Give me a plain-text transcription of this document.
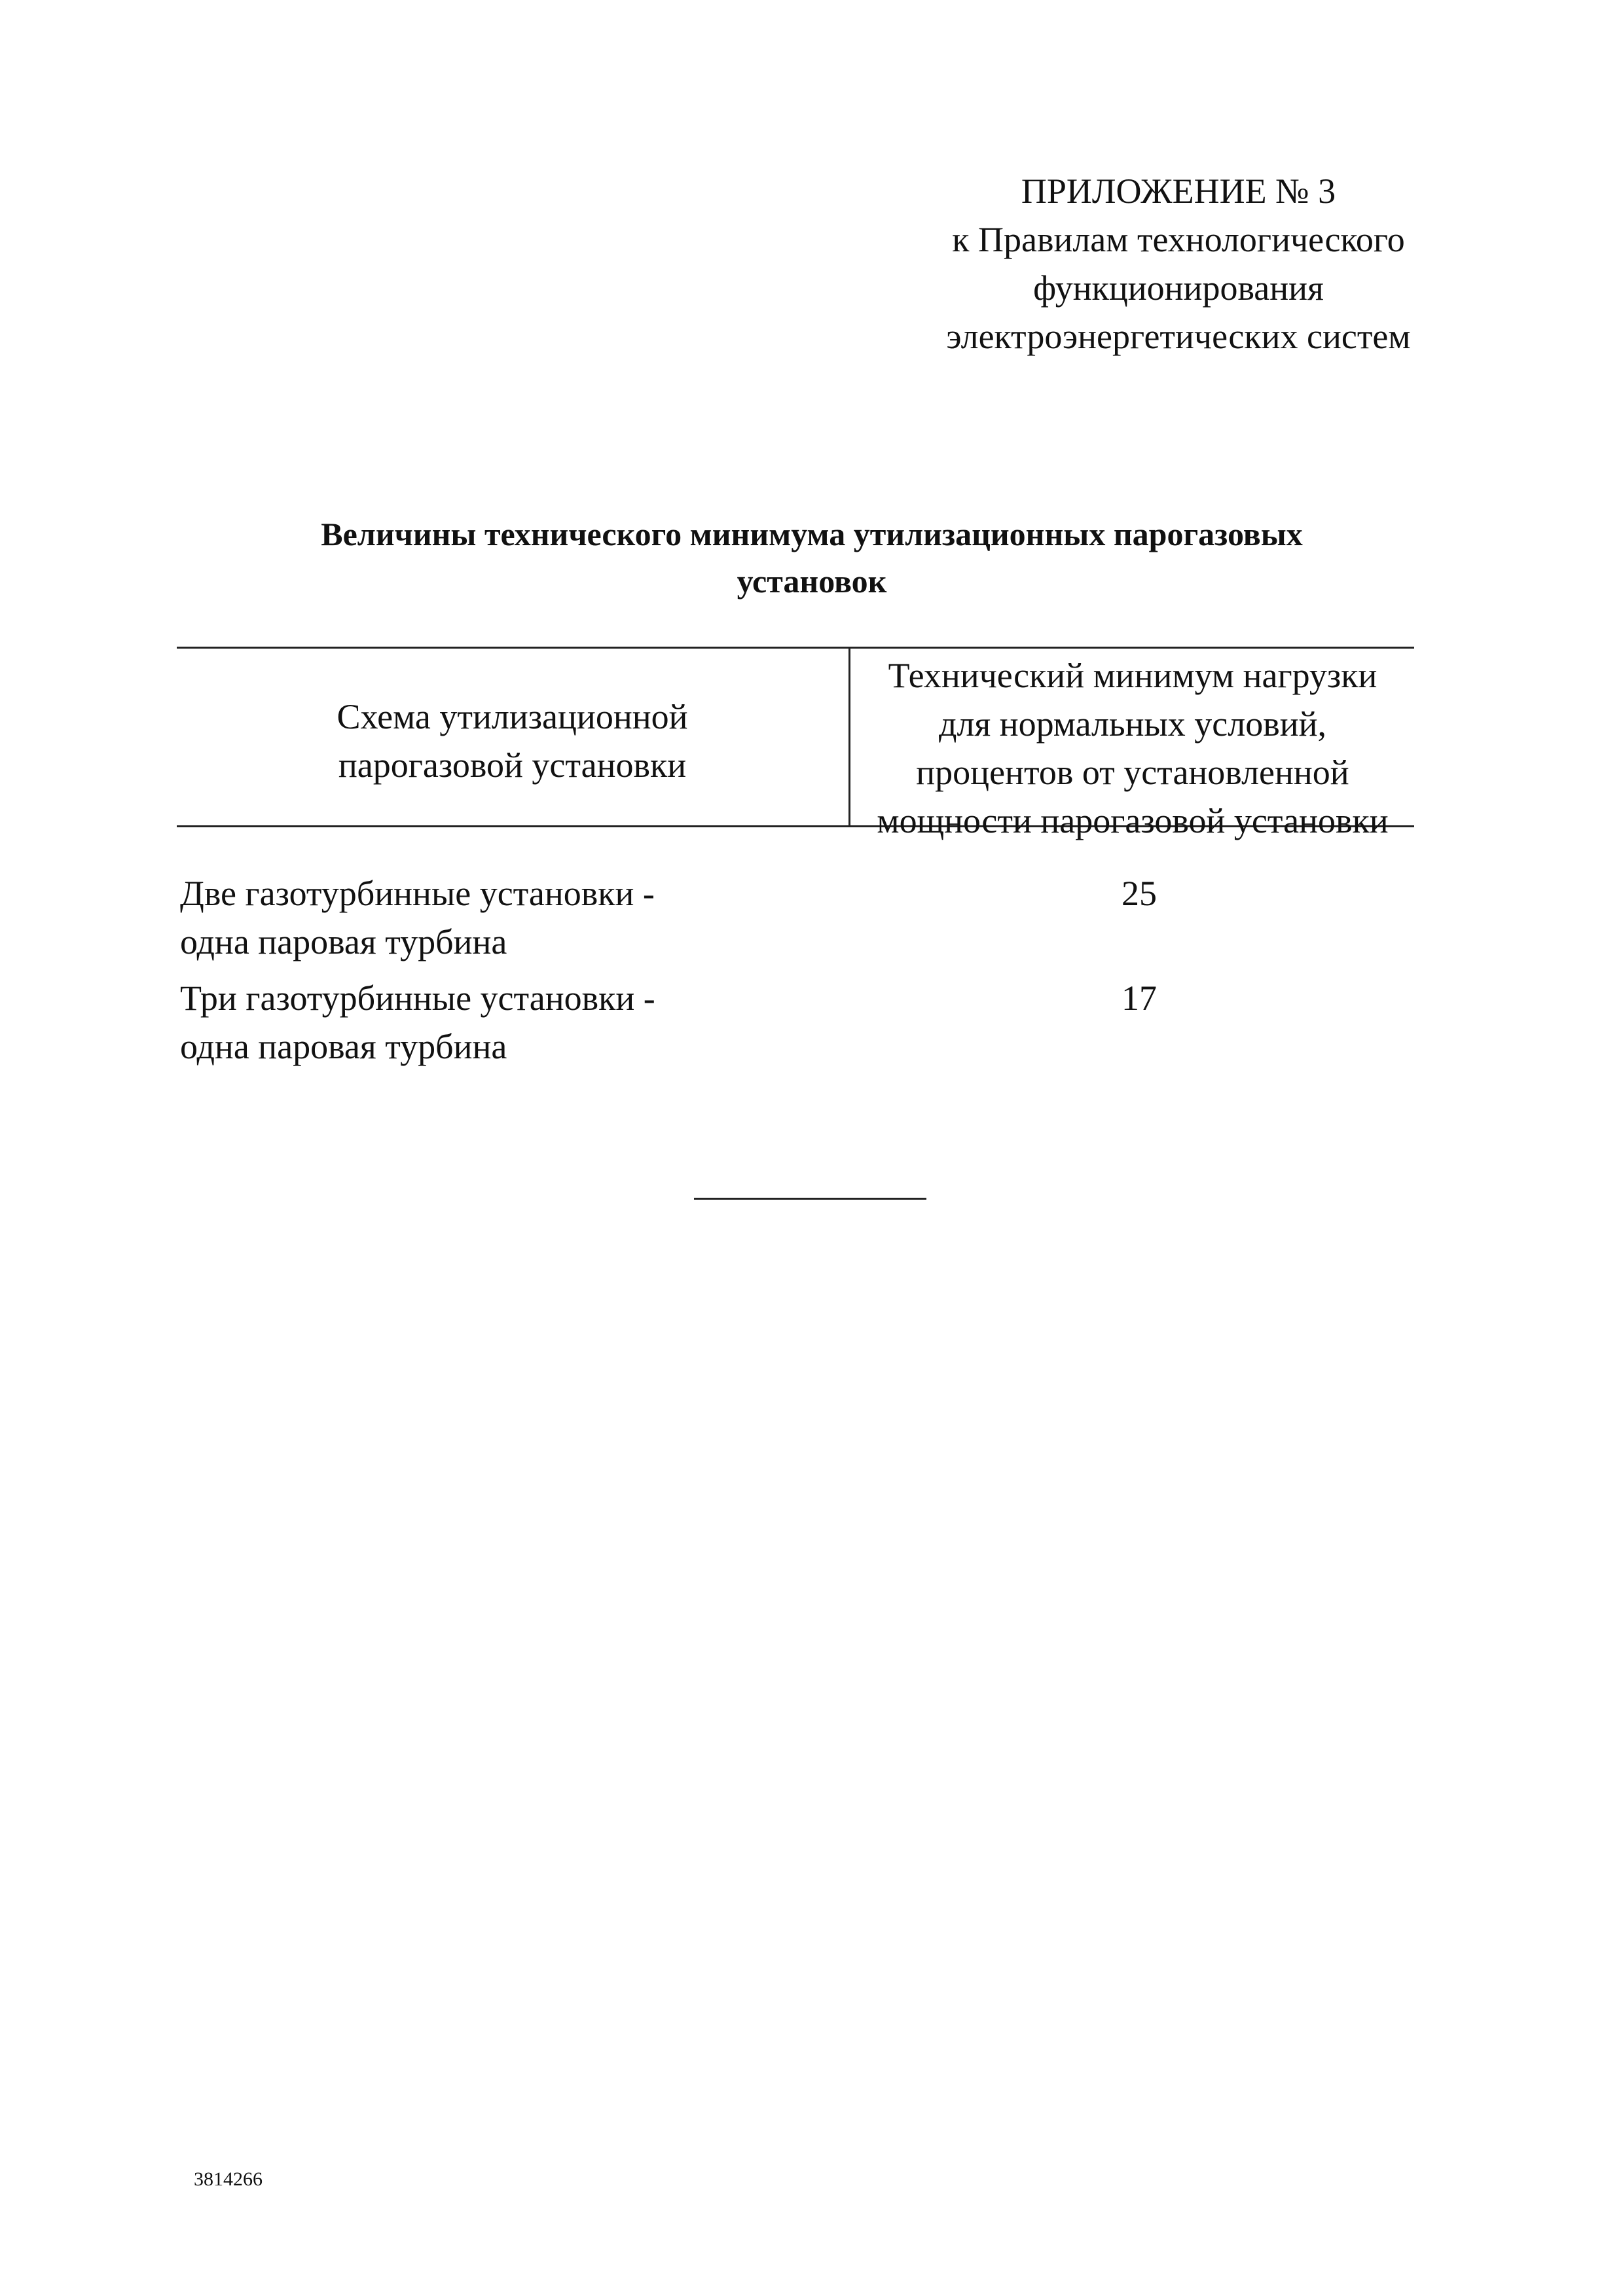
ПРИЛОЖЕНИЕ № 3
к Правилам технологического
функционирования
электроэнергетических систем
Величины технического минимума утилизационных парогазовых
установок
Схема утилизационной
парогазовой установки
Технический минимум нагрузки
для нормальных условий,
процентов от установленной
мощности парогазовой установки
Две газотурбинные установки -
одна паровая турбина
25
Три газотурбинные установки -
одна паровая турбина
17
3814266
